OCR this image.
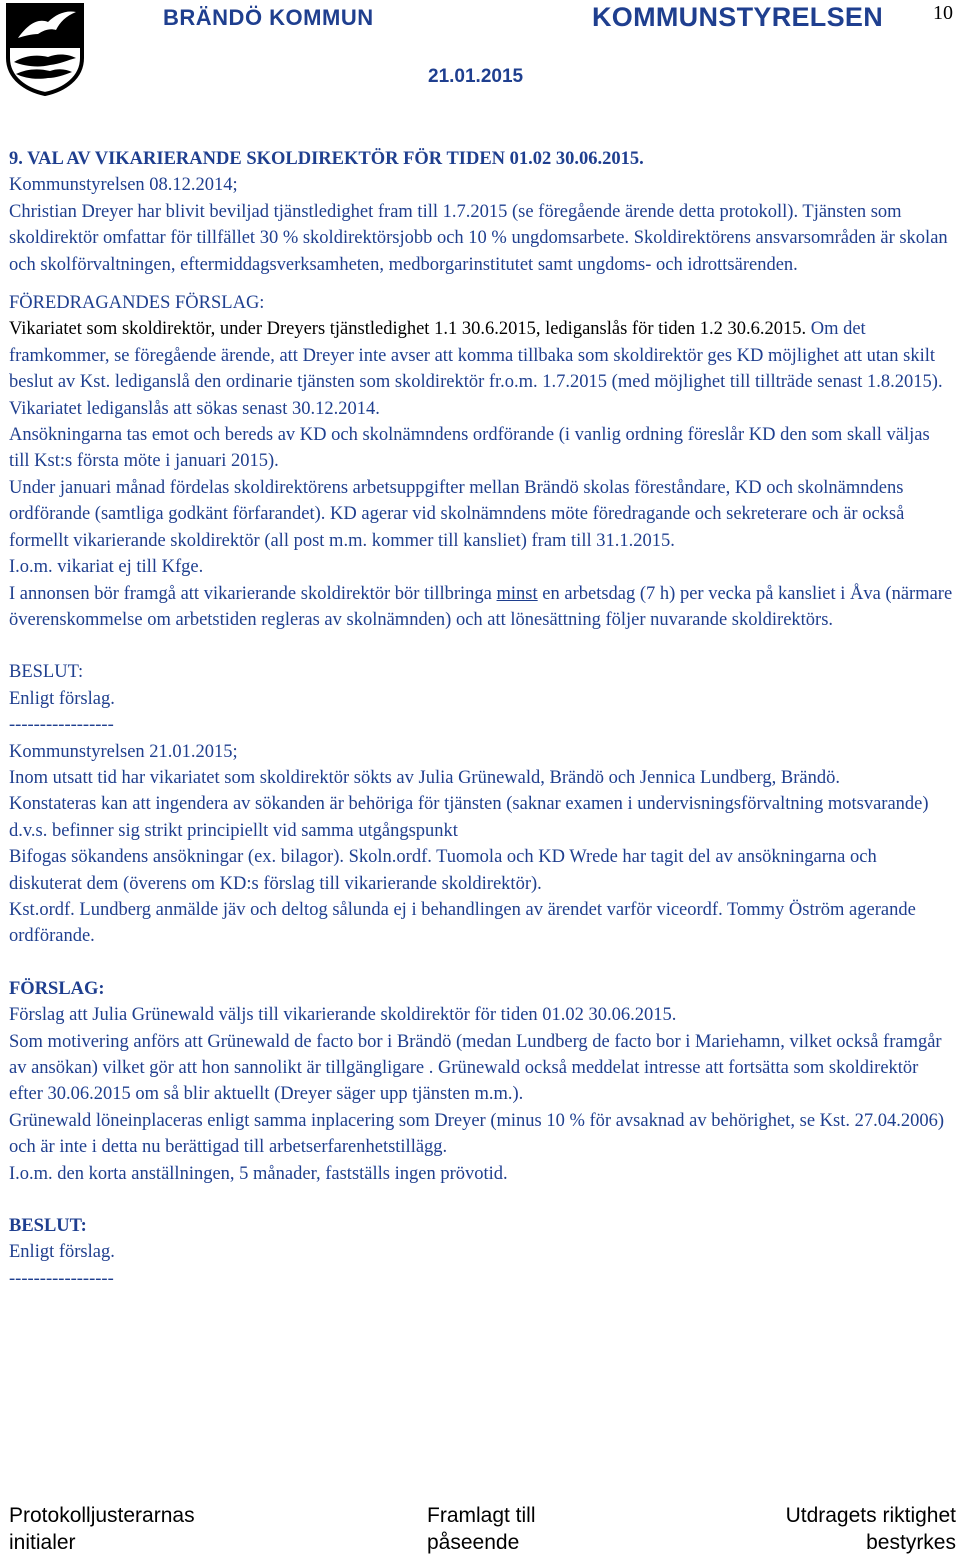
BRÄNDÖ KOMMUN	KOMMUNSTYRELSEN 10
21.01.2015

9. VAL AV VIKARIERANDE SKOLDIREKTÖR FÖR TIDEN 01.02 30.06.2015.

Kommunstyrelsen 08.12.2014;

Christian Dreyer har blivit beviljad tjänstledighet fram till 1.7.2015 (se föregående ärende detta protokoll). Tjänsten som skoldirektör omfattar för tillfället 30 % skoldirektörsjobb och 10 % ungdomsarbete. Skoldirektörens ansvarsområden är skolan och skolförvaltningen, eftermiddagsverksamheten, medborgarinstitutet samt ungdoms- och idrottsärenden.

FÖREDRAGANDES FÖRSLAG:

Vikariatet som skoldirektör, under Dreyers tjänstledighet 1.1 30.6.2015, lediganslås för tiden 1.2 30.6.2015. Om det framkommer, se föregående ärende, att Dreyer inte avser att komma tillbaka som skoldirektör ges KD möjlighet att utan skilt beslut av Kst. lediganslå den ordinarie tjänsten som skoldirektör fr.o.m. 1.7.2015 (med möjlighet till tillträde senast 1.8.2015). Vikariatet lediganslås att sökas senast 30.12.2014.

Ansökningarna tas emot och bereds av KD och skolnämndens ordförande (i vanlig ordning föreslår KD den som skall väljas till Kst:s första möte i januari 2015).

Under januari månad fördelas skoldirektörens arbetsuppgifter mellan Brändö skolas föreståndare, KD och skolnämndens ordförande (samtliga godkänt förfarandet). KD agerar vid skolnämndens möte föredragande och sekreterare och är också formellt vikarierande skoldirektör (all post m.m. kommer till kansliet) fram till 31.1.2015.

I.o.m. vikariat ej till Kfge.

I annonsen bör framgå att vikarierande skoldirektör bör tillbringa minst en arbetsdag (7 h) per vecka på kansliet i Åva (närmare överenskommelse om arbetstiden regleras av skolnämnden) och att lönesättning följer nuvarande skoldirektörs.

BESLUT:

Enligt förslag.

-----------------

Kommunstyrelsen 21.01.2015;

Inom utsatt tid har vikariatet som skoldirektör sökts av Julia Grünewald, Brändö och Jennica Lundberg, Brändö.

Konstateras kan att ingendera av sökanden är behöriga för tjänsten (saknar examen i undervisningsförvaltning motsvarande) d.v.s. befinner sig strikt principiellt vid samma utgångspunkt

Bifogas sökandens ansökningar (ex. bilagor). Skoln.ordf. Tuomola och KD Wrede har tagit del av ansökningarna och diskuterat dem (överens om KD:s förslag till vikarierande skoldirektör).

Kst.ordf. Lundberg anmälde jäv och deltog sålunda ej i behandlingen av ärendet varför viceordf. Tommy Öström agerande ordförande.

FÖRSLAG:

Förslag att Julia Grünewald väljs till vikarierande skoldirektör för tiden 01.02 30.06.2015.

Som motivering anförs att Grünewald de facto bor i Brändö (medan Lundberg de facto bor i Mariehamn, vilket också framgår av ansökan) vilket gör att hon sannolikt är tillgängligare . Grünewald också meddelat intresse att fortsätta som skoldirektör efter 30.06.2015 om så blir aktuellt (Dreyer säger upp tjänsten m.m.).

Grünewald löneinplaceras enligt samma inplacering som Dreyer (minus 10 % för avsaknad av behörighet, se Kst. 27.04.2006) och är inte i detta nu berättigad till arbetserfarenhetstillägg.

I.o.m. den korta anställningen, 5 månader, fastställs ingen prövotid.

BESLUT:

Enligt förslag.

-----------------

Protokolljusterarnas
initialer
Framlagt till
påseende
Utdragets riktighet
bestyrkes
